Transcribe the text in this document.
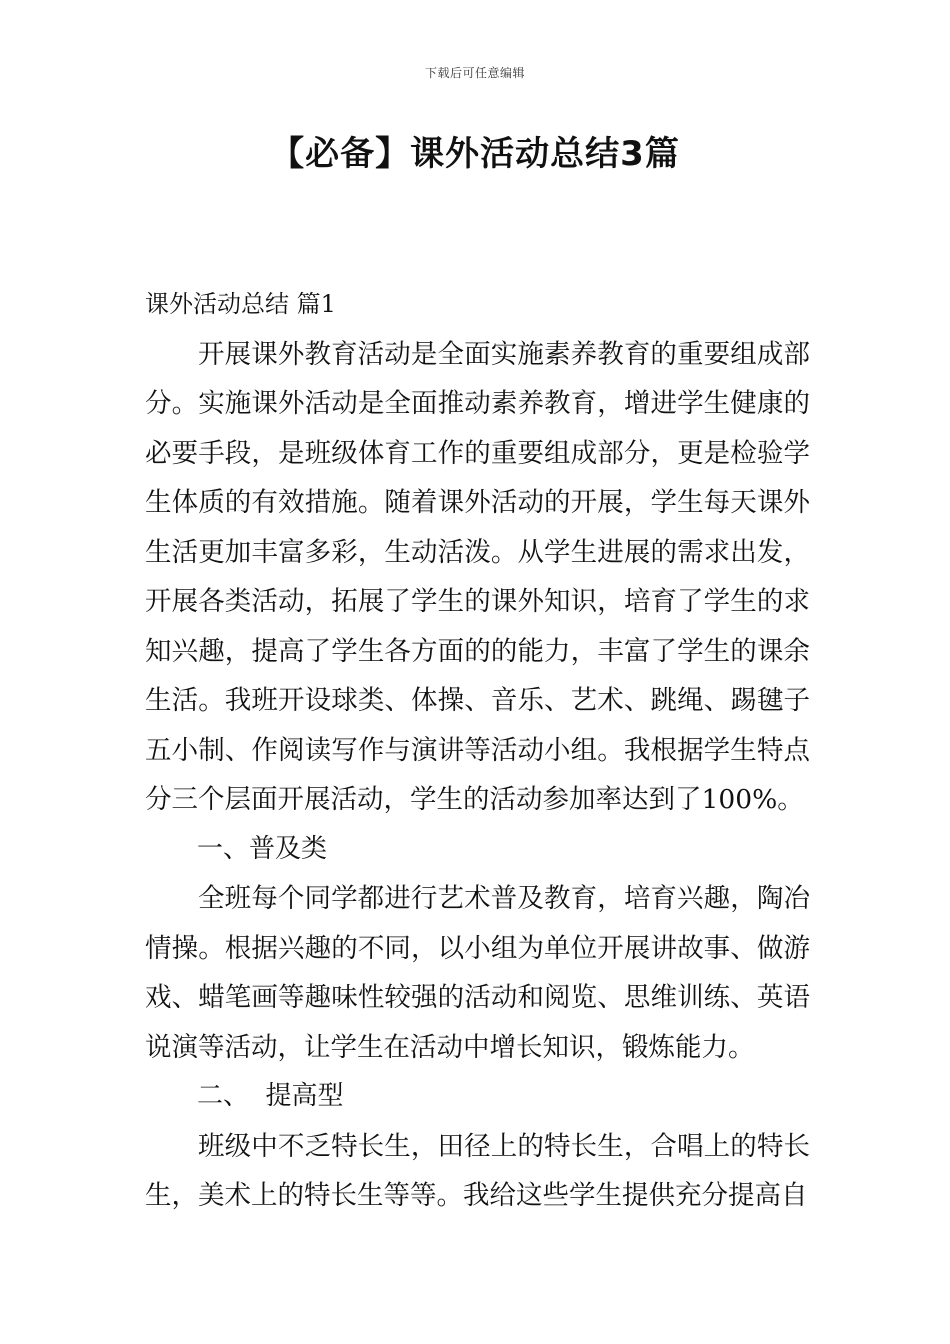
下载后可任意编辑
【必备】课外活动总结3篇
课外活动总结 篇1

开展课外教育活动是全面实施素养教育的重要组成部分。实施课外活动是全面推动素养教育，增进学生健康的必要手段，是班级体育工作的重要组成部分，更是检验学生体质的有效措施。随着课外活动的开展，学生每天课外生活更加丰富多彩，生动活泼。从学生进展的需求出发，开展各类活动，拓展了学生的课外知识，培育了学生的求知兴趣，提高了学生各方面的的能力，丰富了学生的课余生活。我班开设球类、体操、音乐、艺术、跳绳、踢毽子五小制、作阅读写作与演讲等活动小组。我根据学生特点分三个层面开展活动，学生的活动参加率达到了100%。

一、普及类

全班每个同学都进行艺术普及教育，培育兴趣，陶冶情操。根据兴趣的不同，以小组为单位开展讲故事、做游戏、蜡笔画等趣味性较强的活动和阅览、思维训练、英语说演等活动，让学生在活动中增长知识，锻炼能力。

二、  提高型

班级中不乏特长生，田径上的特长生，合唱上的特长生，美术上的特长生等等。我给这些学生提供充分提高自
